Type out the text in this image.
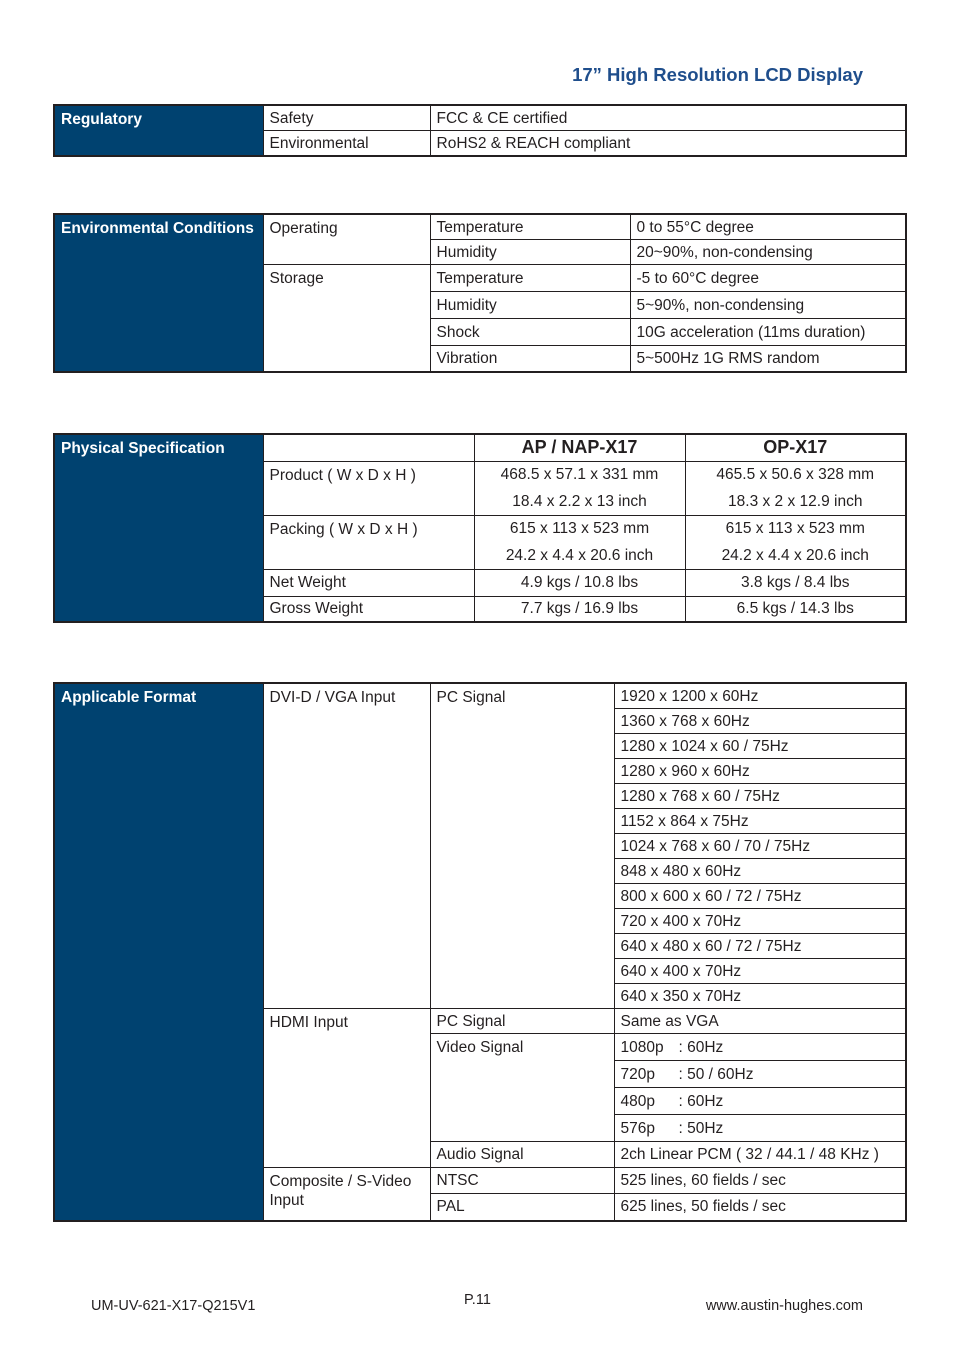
17” High Resolution LCD Display
Regulatory	Safety	FCC & CE certified
	Environmental	RoHS2 & REACH compliant
Environmental Conditions	Operating	Temperature	0 to 55°C degree
		Humidity	20~90%, non-condensing
	Storage	Temperature	-5 to 60°C degree
		Humidity	5~90%, non-condensing
		Shock	10G acceleration (11ms duration)
		Vibration	5~500Hz 1G RMS random
Physical Specification		AP / NAP-X17	OP-X17
	Product ( W x D x H )	468.5 x 57.1 x 331 mm	465.5 x 50.6 x 328 mm
		18.4 x 2.2 x 13 inch	18.3 x 2 x 12.9 inch
	Packing ( W x D x H )	615 x 113 x 523 mm	615 x 113 x 523 mm
		24.2 x 4.4 x 20.6 inch	24.2 x 4.4 x 20.6 inch
	Net Weight	4.9 kgs / 10.8 lbs	3.8 kgs / 8.4 lbs
	Gross Weight	7.7 kgs / 16.9 lbs	6.5 kgs / 14.3 lbs
Applicable Format	DVI-D / VGA Input	PC Signal	1920 x 1200 x 60Hz
			1360 x 768 x 60Hz
			1280 x 1024 x 60 / 75Hz
			1280 x 960 x 60Hz
			1280 x 768 x 60 / 75Hz
			1152 x 864 x 75Hz
			1024 x 768 x 60 / 70 / 75Hz
			848 x 480 x 60Hz
			800 x 600 x 60 / 72 / 75Hz
			720 x 400 x 70Hz
			640 x 480 x 60 / 72 / 75Hz
			640 x 400 x 70Hz
			640 x 350 x 70Hz
	HDMI Input	PC Signal	Same as VGA
		Video Signal	1080p : 60Hz
			720p : 50 / 60Hz
			480p : 60Hz
			576p : 50Hz
		Audio Signal	2ch Linear PCM ( 32 / 44.1 / 48 KHz )
	Composite / S-Video Input	NTSC	525 lines, 60 fields / sec
		PAL	625 lines, 50 fields / sec
UM-UV-621-X17-Q215V1	P.11	www.austin-hughes.com
